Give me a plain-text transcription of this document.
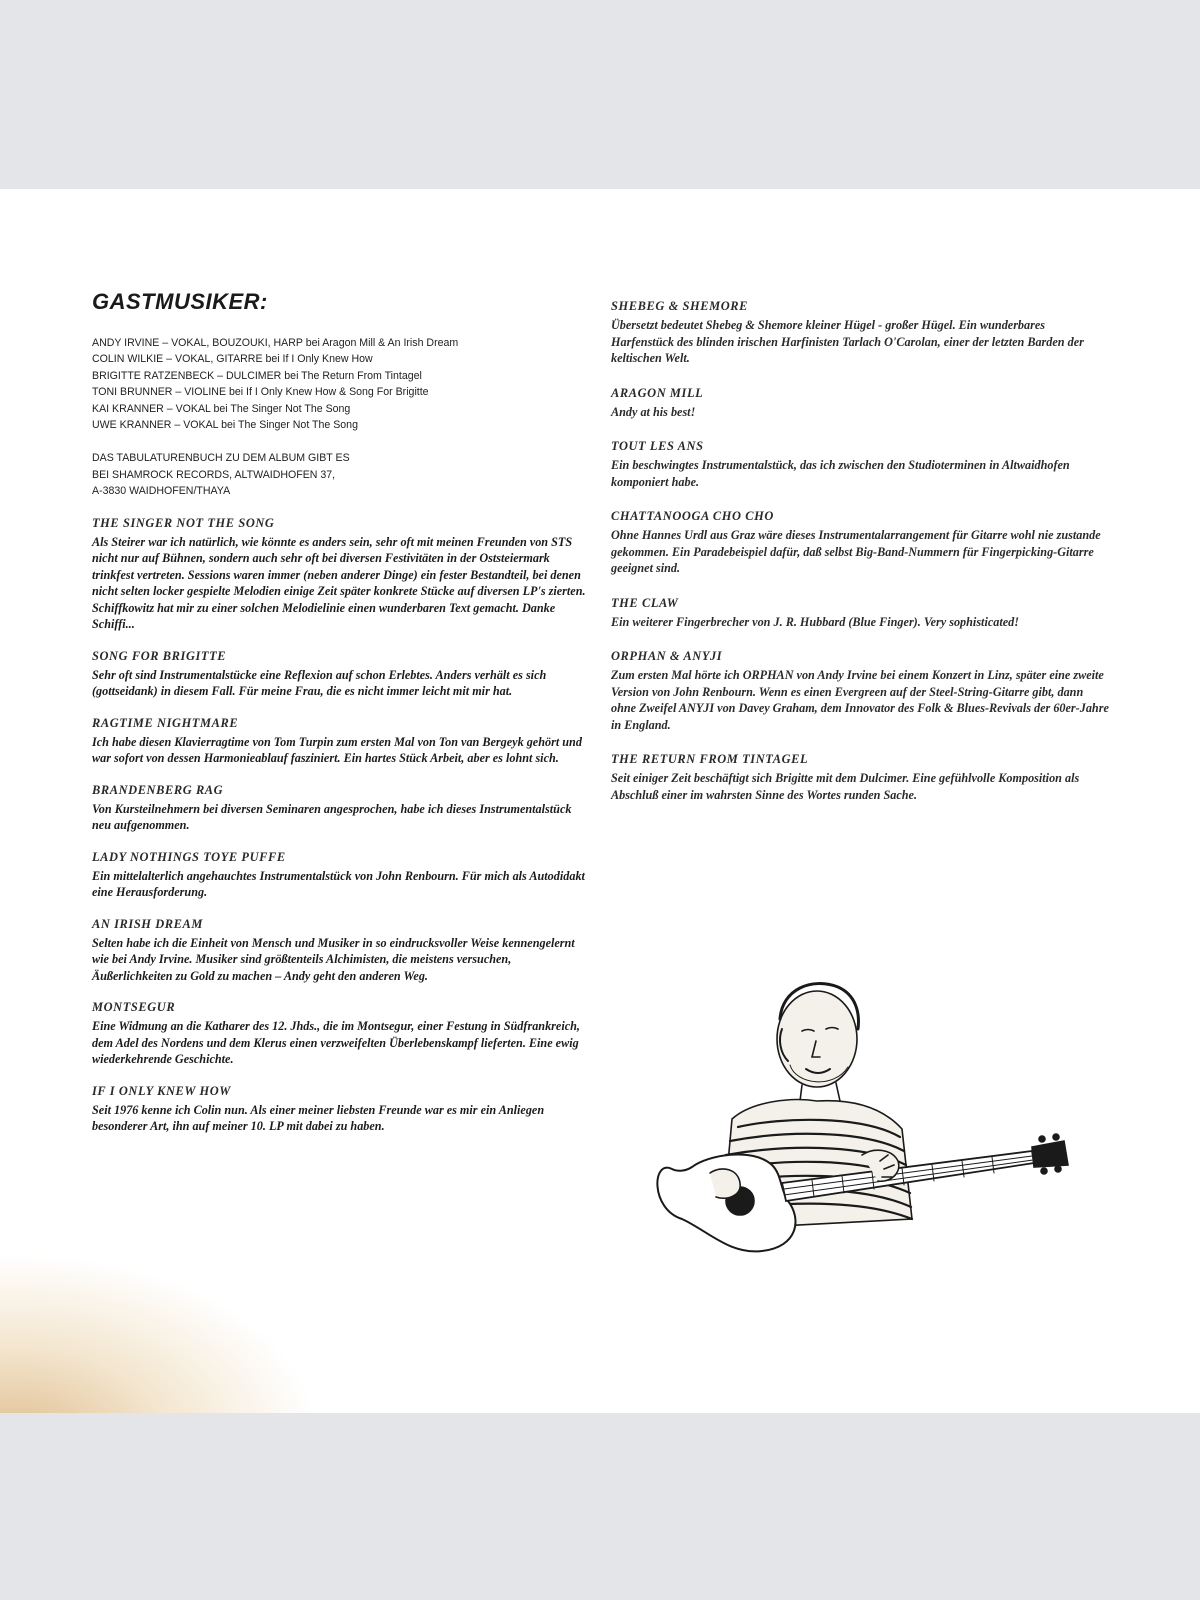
GASTMUSIKER:
ANDY IRVINE – VOKAL, BOUZOUKI, HARP bei Aragon Mill & An Irish Dream
COLIN WILKIE – VOKAL, GITARRE bei If I Only Knew How
BRIGITTE RATZENBECK – DULCIMER bei The Return From Tintagel
TONI BRUNNER – VIOLINE bei If I Only Knew How & Song For Brigitte
KAI KRANNER – VOKAL bei The Singer Not The Song
UWE KRANNER – VOKAL bei The Singer Not The Song
DAS TABULATURENBUCH ZU DEM ALBUM GIBT ES
BEI SHAMROCK RECORDS, ALTWAIDHOFEN 37,
A-3830 WAIDHOFEN/THAYA
THE SINGER NOT THE SONG
Als Steirer war ich natürlich, wie könnte es anders sein, sehr oft mit meinen Freunden von STS nicht nur auf Bühnen, sondern auch sehr oft bei diversen Festivitäten in der Oststeiermark trinkfest vertreten. Sessions waren immer (neben anderer Dinge) ein fester Bestandteil, bei denen nicht selten locker gespielte Melodien einige Zeit später konkrete Stücke auf diversen LP's zierten. Schiffkowitz hat mir zu einer solchen Melodielinie einen wunderbaren Text gemacht. Danke Schiffi...
SONG FOR BRIGITTE
Sehr oft sind Instrumentalstücke eine Reflexion auf schon Erlebtes. Anders verhält es sich (gottseidank) in diesem Fall. Für meine Frau, die es nicht immer leicht mit mir hat.
RAGTIME NIGHTMARE
Ich habe diesen Klavierragtime von Tom Turpin zum ersten Mal von Ton van Bergeyk gehört und war sofort von dessen Harmonieablauf fasziniert. Ein hartes Stück Arbeit, aber es lohnt sich.
BRANDENBERG RAG
Von Kursteilnehmern bei diversen Seminaren angesprochen, habe ich dieses Instrumentalstück neu aufgenommen.
LADY NOTHINGS TOYE PUFFE
Ein mittelalterlich angehauchtes Instrumentalstück von John Renbourn. Für mich als Autodidakt eine Herausforderung.
AN IRISH DREAM
Selten habe ich die Einheit von Mensch und Musiker in so eindrucksvoller Weise kennengelernt wie bei Andy Irvine. Musiker sind größtenteils Alchimisten, die meistens versuchen, Äußerlichkeiten zu Gold zu machen – Andy geht den anderen Weg.
MONTSEGUR
Eine Widmung an die Katharer des 12. Jhds., die im Montsegur, einer Festung in Südfrankreich, dem Adel des Nordens und dem Klerus einen verzweifelten Überlebenskampf lieferten. Eine ewig wiederkehrende Geschichte.
IF I ONLY KNEW HOW
Seit 1976 kenne ich Colin nun. Als einer meiner liebsten Freunde war es mir ein Anliegen besonderer Art, ihn auf meiner 10. LP mit dabei zu haben.
SHEBEG & SHEMORE
Übersetzt bedeutet Shebeg & Shemore kleiner Hügel - großer Hügel. Ein wunderbares Harfenstück des blinden irischen Harfinisten Tarlach O'Carolan, einer der letzten Barden der keltischen Welt.
ARAGON MILL
Andy at his best!
TOUT LES ANS
Ein beschwingtes Instrumentalstück, das ich zwischen den Studioterminen in Altwaidhofen komponiert habe.
CHATTANOOGA CHO CHO
Ohne Hannes Urdl aus Graz wäre dieses Instrumentalarrangement für Gitarre wohl nie zustande gekommen. Ein Paradebeispiel dafür, daß selbst Big-Band-Nummern für Fingerpicking-Gitarre geeignet sind.
THE CLAW
Ein weiterer Fingerbrecher von J. R. Hubbard (Blue Finger). Very sophisticated!
ORPHAN & ANYJI
Zum ersten Mal hörte ich ORPHAN von Andy Irvine bei einem Konzert in Linz, später eine zweite Version von John Renbourn. Wenn es einen Evergreen auf der Steel-String-Gitarre gibt, dann ohne Zweifel ANYJI von Davey Graham, dem Innovator des Folk & Blues-Revivals der 60er-Jahre in England.
THE RETURN FROM TINTAGEL
Seit einiger Zeit beschäftigt sich Brigitte mit dem Dulcimer. Eine gefühlvolle Komposition als Abschluß einer im wahrsten Sinne des Wortes runden Sache.
